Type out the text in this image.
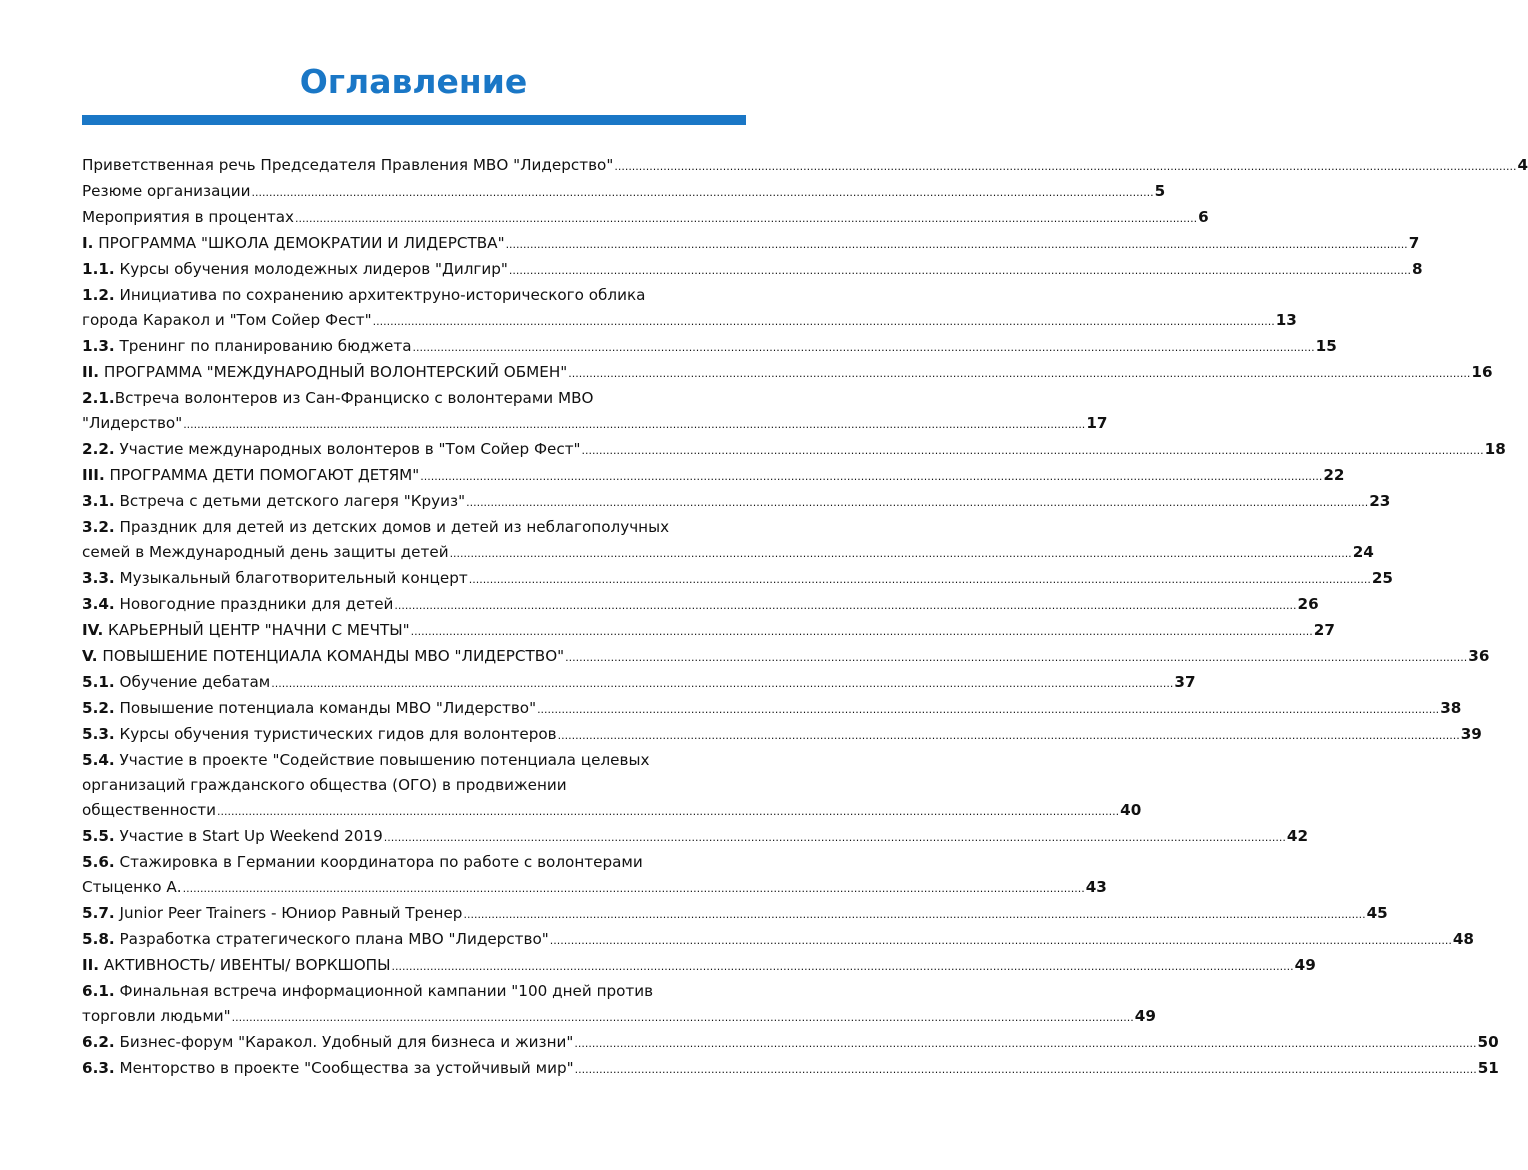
Оглавление
Приветственная речь Председателя Правления МВО "Лидерство" .....	4
Резюме организации .....	5
Мероприятия в процентах .....	6
I. ПРОГРАММА "ШКОЛА ДЕМОКРАТИИ И ЛИДЕРСТВА" .....	7
1.1. Курсы обучения молодежных лидеров "Дилгир" .....	8
1.2. Инициатива по сохранению архитектруно-исторического облика
города Каракол и "Том Сойер Фест" .....	13
1.3. Тренинг по планированию бюджета .....	15
II. ПРОГРАММА "МЕЖДУНАРОДНЫЙ ВОЛОНТЕРСКИЙ ОБМЕН" .....	16
2.1.Встреча волонтеров из Сан-Франциско с волонтерами МВО
"Лидерство" .....	17
2.2. Участие международных волонтеров в "Том Сойер Фест" .....	18
III. ПРОГРАММА ДЕТИ ПОМОГАЮТ ДЕТЯМ" .....	22
3.1. Встреча с детьми детского лагеря "Круиз" .....	23
3.2. Праздник для детей из детских домов и детей из неблагополучных
семей в Международный день защиты детей .....	24
3.3. Музыкальный благотворительный концерт .....	25
3.4. Новогодние праздники для детей .....	26
IV. КАРЬЕРНЫЙ ЦЕНТР "НАЧНИ С МЕЧТЫ" .....	27
V. ПОВЫШЕНИЕ ПОТЕНЦИАЛА КОМАНДЫ МВО "ЛИДЕРСТВО" .....	36
5.1. Обучение дебатам .....	37
5.2. Повышение потенциала команды МВО "Лидерство" .....	38
5.3. Курсы обучения туристических гидов для волонтеров .....	39
5.4. Участие в проекте "Содействие повышению потенциала целевых
организаций гражданского общества (ОГО) в продвижении
общественности .....	40
5.5. Участие в Start Up Weekend 2019 .....	42
5.6. Стажировка в Германии координатора по работе с волонтерами
Стыценко А. .....	43
5.7. Junior Peer Trainers - Юниор Равный Тренер .....	45
5.8. Разработка стратегического плана МВО "Лидерство" .....	48
II. АКТИВНОСТЬ/ ИВЕНТЫ/ ВОРКШОПЫ .....	49
6.1. Финальная встреча информационной кампании "100 дней против
торговли людьми" .....	49
6.2. Бизнес-форум "Каракол. Удобный для бизнеса и жизни" .....	50
6.3. Менторство в проекте "Сообщества за устойчивый мир" .....	51
